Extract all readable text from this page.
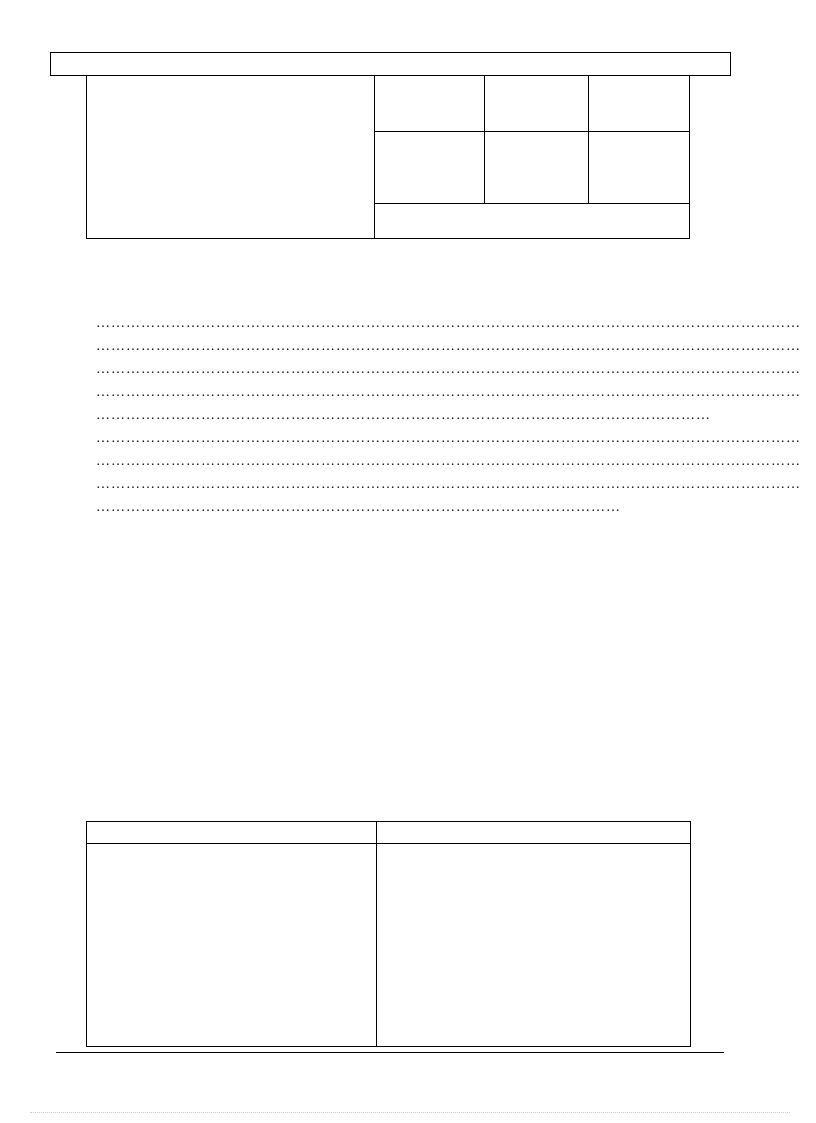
……………………………………………………………………………………………………………………………
……………………………………………………………………………………………………………………………
……………………………………………………………………………………………………………………………
……………………………………………………………………………………………………………………………
……………………………………………………………………………………………………………
……………………………………………………………………………………………………………………………
……………………………………………………………………………………………………………………………
……………………………………………………………………………………………………………………………
……………………………………………………………………………………………
